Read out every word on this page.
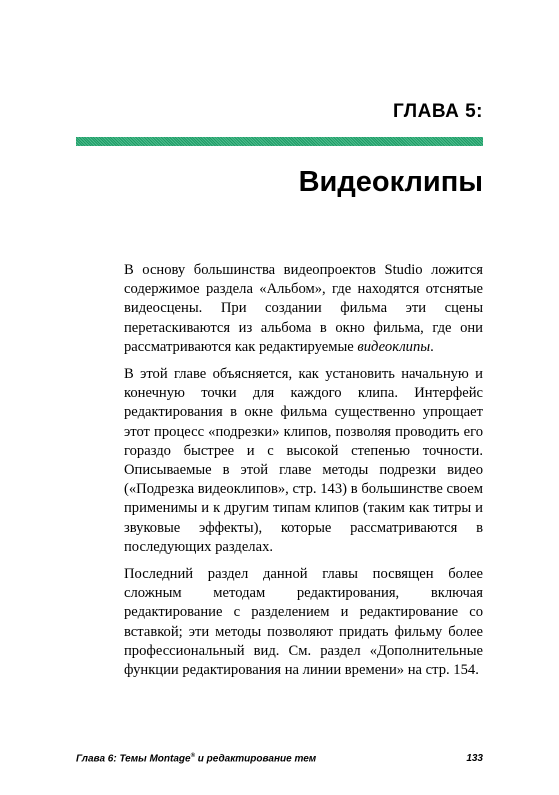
ГЛАВА 5:
Видеоклипы

В основу большинства видеопроектов Studio ложится содержимое раздела «Альбом», где находятся отснятые видеосцены. При создании фильма эти сцены перетаскиваются из альбома в окно фильма, где они рассматриваются как редактируемые видеоклипы.

В этой главе объясняется, как установить начальную и конечную точки для каждого клипа. Интерфейс редактирования в окне фильма существенно упрощает этот процесс «подрезки» клипов, позволяя проводить его гораздо быстрее и с высокой степенью точности. Описываемые в этой главе методы подрезки видео («Подрезка видеоклипов», стр. 143) в большинстве своем применимы и к другим типам клипов (таким как титры и звуковые эффекты), которые рассматриваются в последующих разделах.

Последний раздел данной главы посвящен более сложным методам редактирования, включая редактирование с разделением и редактирование со вставкой; эти методы позволяют придать фильму более профессиональный вид. См. раздел «Дополнительные функции редактирования на линии времени» на стр. 154.

Глава 6: Темы Montage® и редактирование тем	133
